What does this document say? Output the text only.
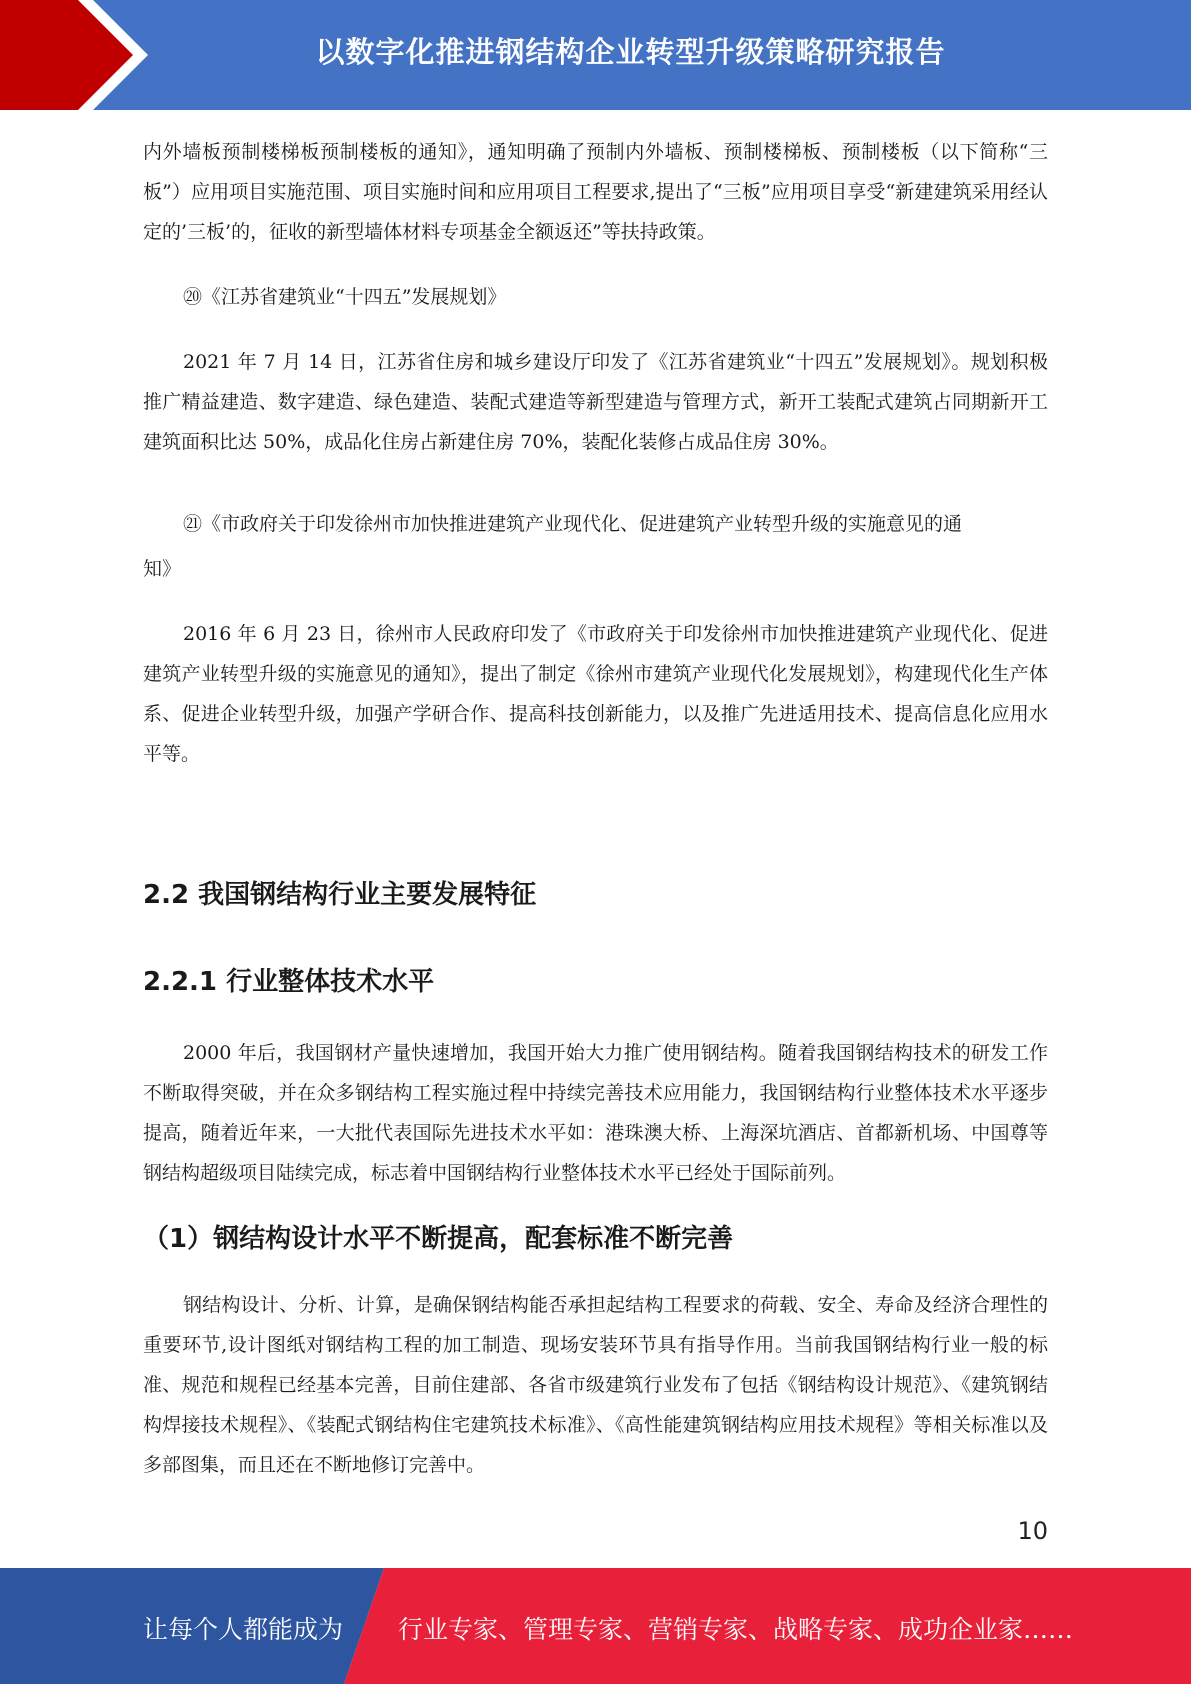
以数字化推进钢结构企业转型升级策略研究报告

内外墙板预制楼梯板预制楼板的通知》，通知明确了预制内外墙板、预制楼梯板、预制楼板（以下简称“三板”）应用项目实施范围、项目实施时间和应用项目工程要求,提出了“三板”应用项目享受“新建建筑采用经认定的’三板’的，征收的新型墙体材料专项基金全额返还”等扶持政策。

⑳《江苏省建筑业“十四五”发展规划》

2021 年 7 月 14 日，江苏省住房和城乡建设厅印发了《江苏省建筑业“十四五”发展规划》。规划积极推广精益建造、数字建造、绿色建造、装配式建造等新型建造与管理方式，新开工装配式建筑占同期新开工建筑面积比达 50%，成品化住房占新建住房 70%，装配化装修占成品住房 30%。

㉑《市政府关于印发徐州市加快推进建筑产业现代化、促进建筑产业转型升级的实施意见的通

知》

2016 年 6 月 23 日，徐州市人民政府印发了《市政府关于印发徐州市加快推进建筑产业现代化、促进建筑产业转型升级的实施意见的通知》，提出了制定《徐州市建筑产业现代化发展规划》，构建现代化生产体系、促进企业转型升级，加强产学研合作、提高科技创新能力，以及推广先进适用技术、提高信息化应用水平等。

2.2 我国钢结构行业主要发展特征
2.2.1 行业整体技术水平

2000 年后，我国钢材产量快速增加，我国开始大力推广使用钢结构。随着我国钢结构技术的研发工作不断取得突破，并在众多钢结构工程实施过程中持续完善技术应用能力，我国钢结构行业整体技术水平逐步提高，随着近年来，一大批代表国际先进技术水平如：港珠澳大桥、上海深坑酒店、首都新机场、中国尊等钢结构超级项目陆续完成，标志着中国钢结构行业整体技术水平已经处于国际前列。

（1）钢结构设计水平不断提高，配套标准不断完善

钢结构设计、分析、计算，是确保钢结构能否承担起结构工程要求的荷载、安全、寿命及经济合理性的重要环节,设计图纸对钢结构工程的加工制造、现场安装环节具有指导作用。当前我国钢结构行业一般的标准、规范和规程已经基本完善，目前住建部、各省市级建筑行业发布了包括《钢结构设计规范》、《建筑钢结构焊接技术规程》、《装配式钢结构住宅建筑技术标准》、《高性能建筑钢结构应用技术规程》等相关标准以及多部图集，而且还在不断地修订完善中。

10
让每个人都能成为 行业专家、管理专家、营销专家、战略专家、成功企业家……
